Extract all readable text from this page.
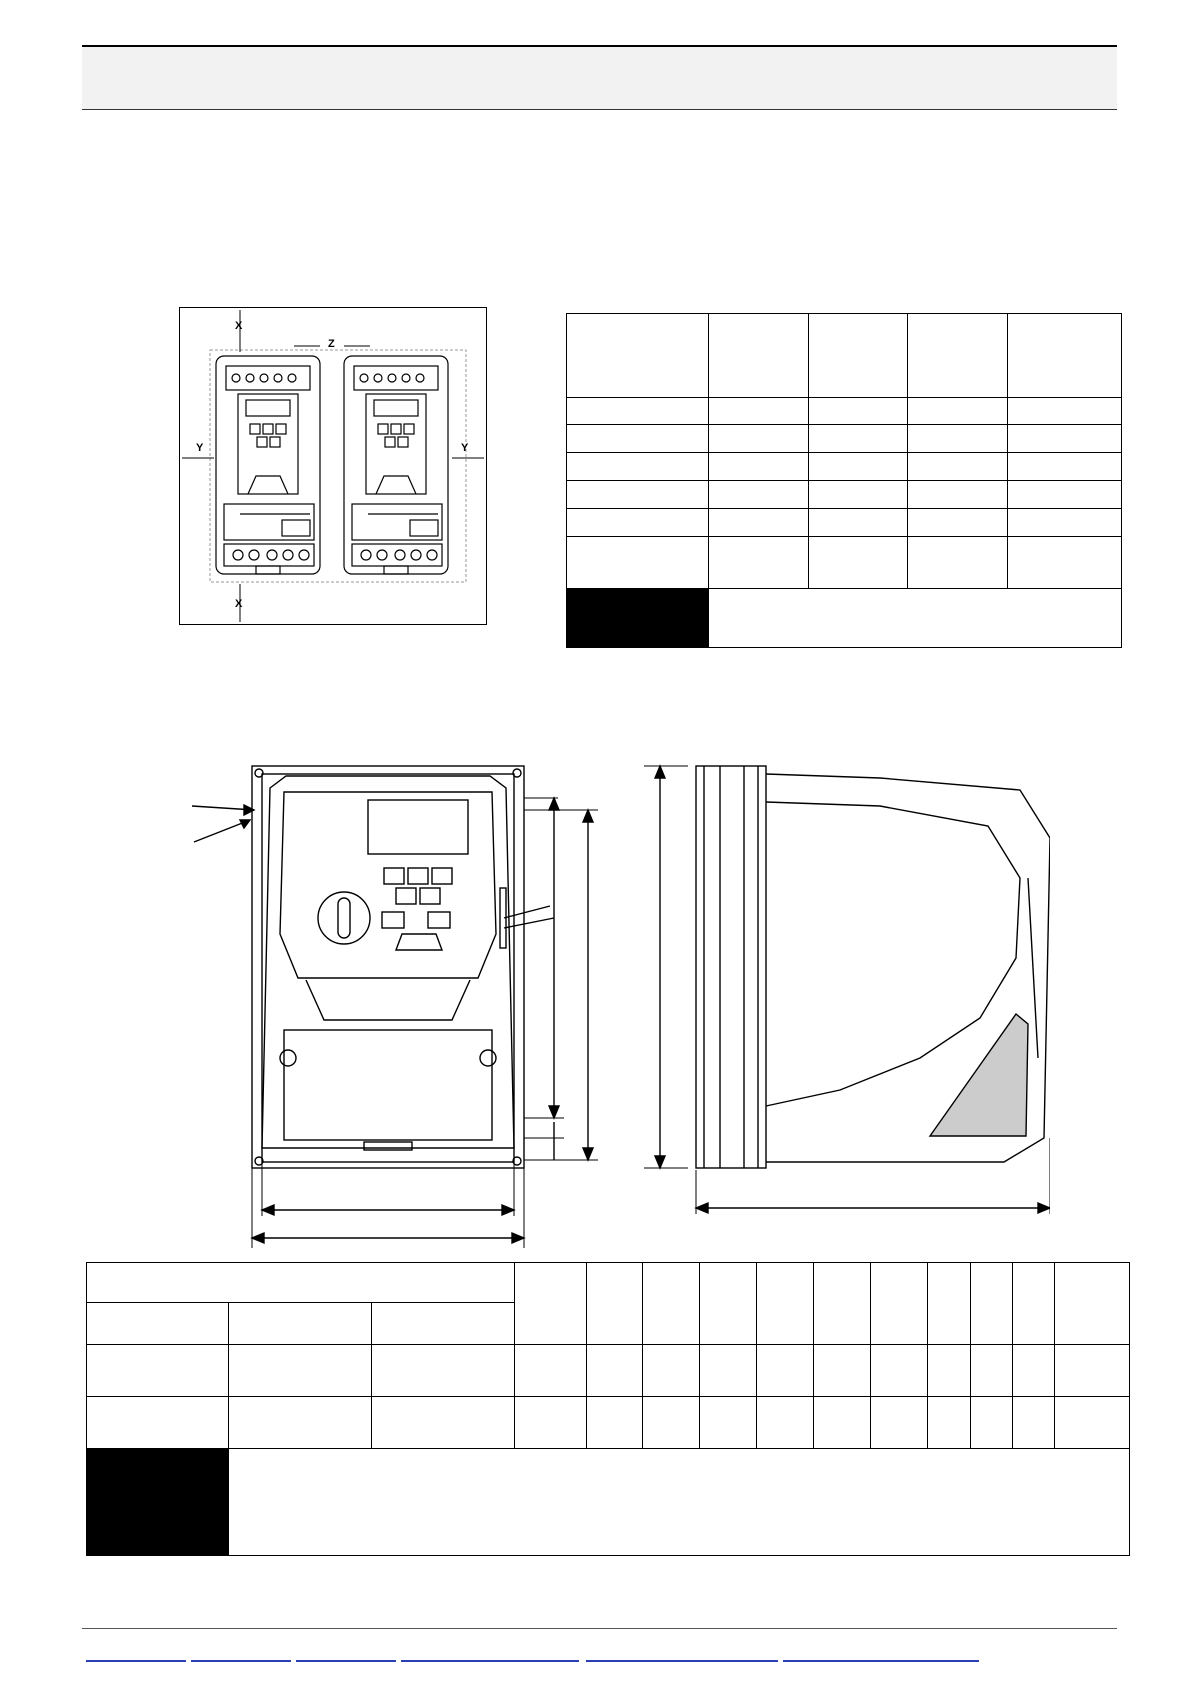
X
X
Y	Y
Z
